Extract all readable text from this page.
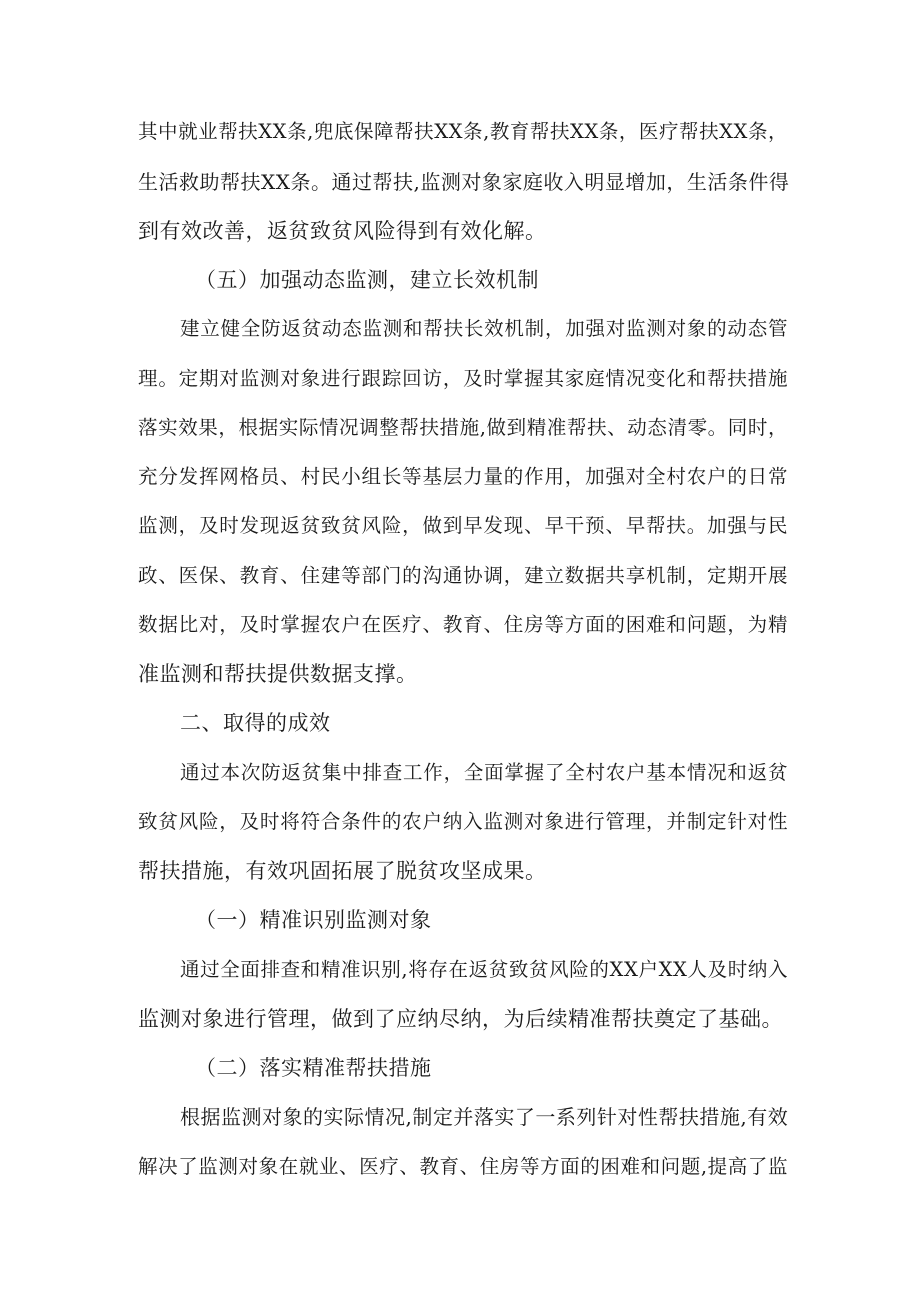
其中就业帮扶XX条,兜底保障帮扶XX条,教育帮扶XX条，医疗帮扶XX条，
生活救助帮扶XX条。通过帮扶,监测对象家庭收入明显增加，生活条件得
到有效改善，返贫致贫风险得到有效化解。
（五）加强动态监测，建立长效机制
建立健全防返贫动态监测和帮扶长效机制，加强对监测对象的动态管
理。定期对监测对象进行跟踪回访，及时掌握其家庭情况变化和帮扶措施
落实效果，根据实际情况调整帮扶措施,做到精准帮扶、动态清零。同时，
充分发挥网格员、村民小组长等基层力量的作用，加强对全村农户的日常
监测，及时发现返贫致贫风险，做到早发现、早干预、早帮扶。加强与民
政、医保、教育、住建等部门的沟通协调，建立数据共享机制，定期开展
数据比对，及时掌握农户在医疗、教育、住房等方面的困难和问题，为精
准监测和帮扶提供数据支撑。
二、取得的成效
通过本次防返贫集中排查工作，全面掌握了全村农户基本情况和返贫
致贫风险，及时将符合条件的农户纳入监测对象进行管理，并制定针对性
帮扶措施，有效巩固拓展了脱贫攻坚成果。
（一）精准识别监测对象
通过全面排查和精准识别,将存在返贫致贫风险的XX户XX人及时纳入
监测对象进行管理，做到了应纳尽纳，为后续精准帮扶奠定了基础。
（二）落实精准帮扶措施
根据监测对象的实际情况,制定并落实了一系列针对性帮扶措施,有效
解决了监测对象在就业、医疗、教育、住房等方面的困难和问题,提高了监
